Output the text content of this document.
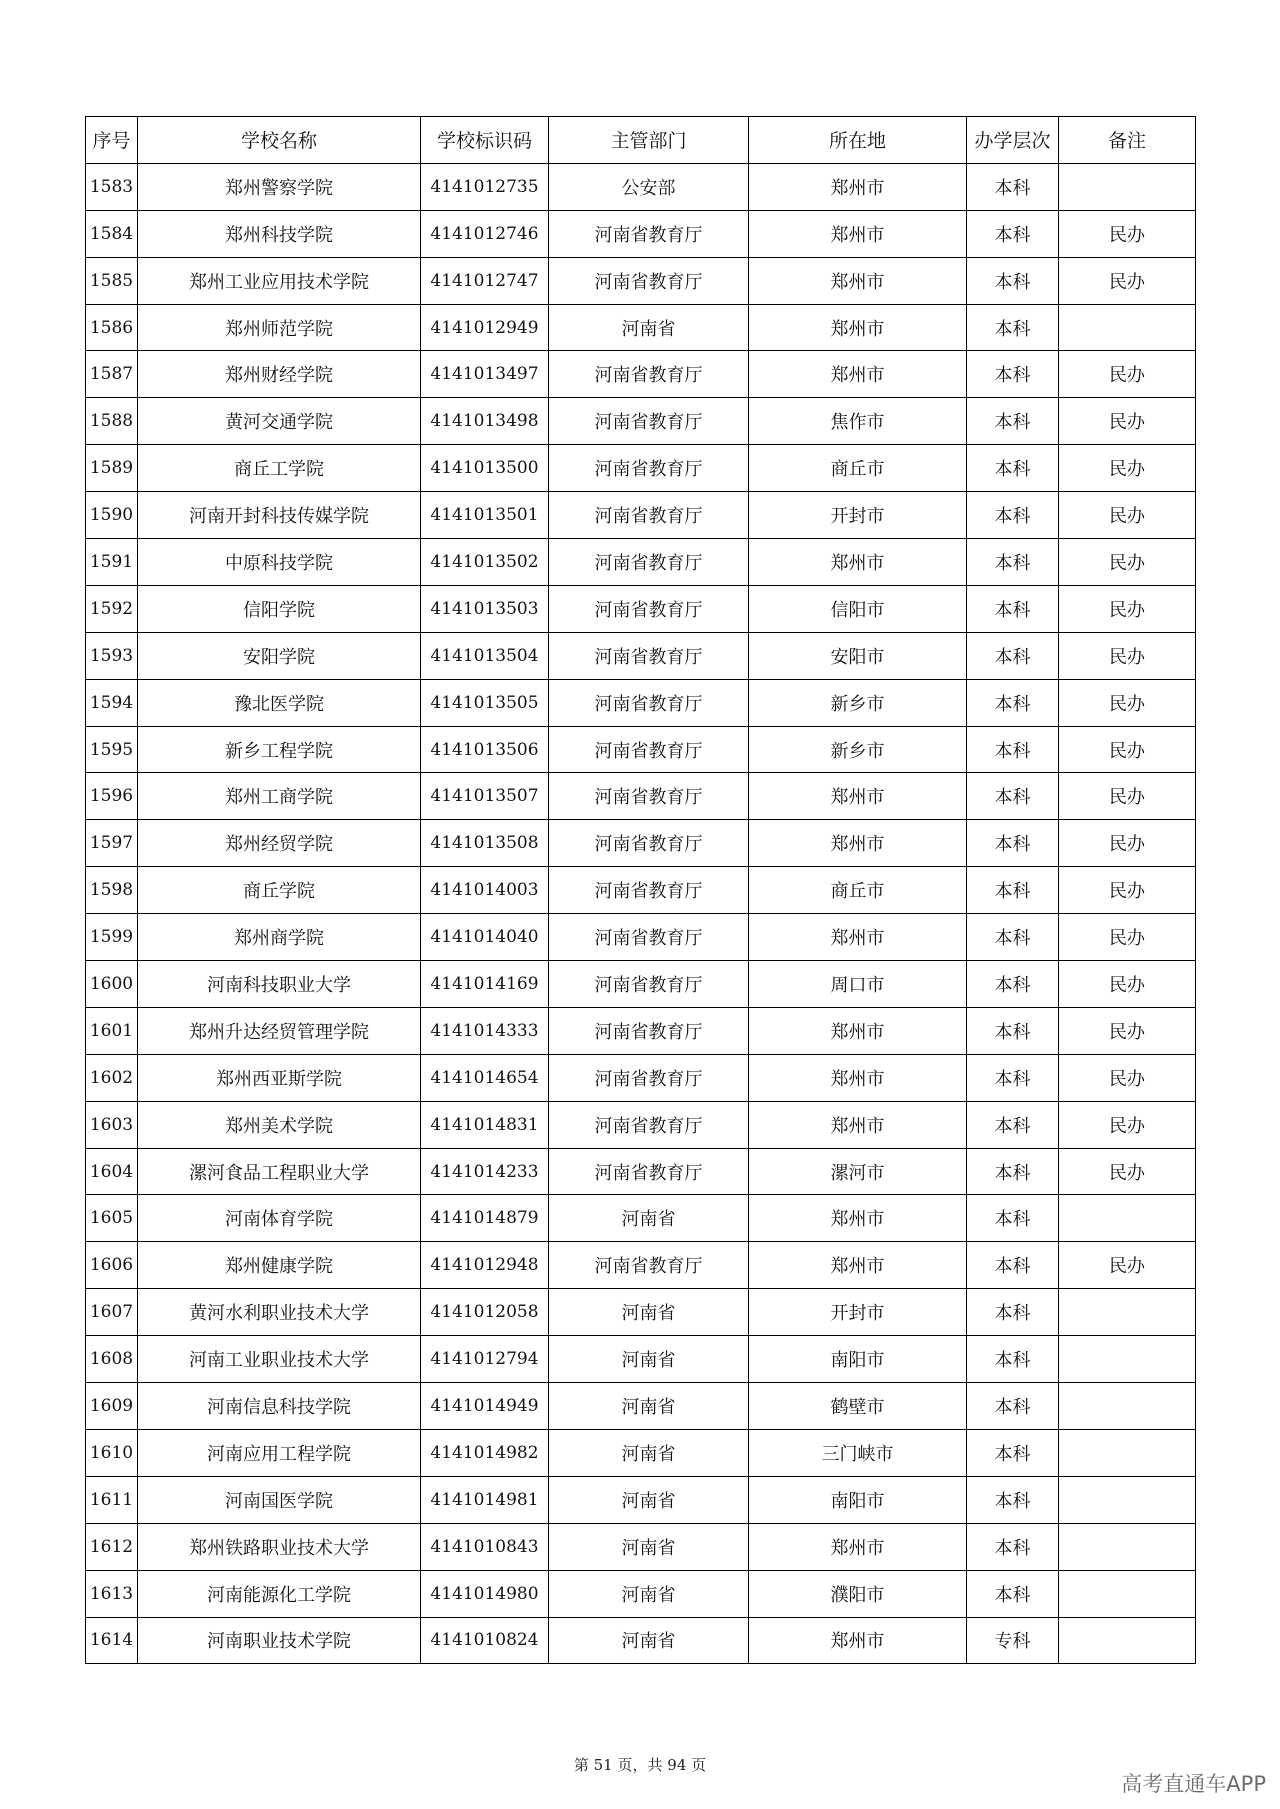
序号	学校名称	学校标识码	主管部门	所在地	办学层次	备注
1583	郑州警察学院	4141012735	公安部	郑州市	本科	
1584	郑州科技学院	4141012746	河南省教育厅	郑州市	本科	民办
1585	郑州工业应用技术学院	4141012747	河南省教育厅	郑州市	本科	民办
1586	郑州师范学院	4141012949	河南省	郑州市	本科	
1587	郑州财经学院	4141013497	河南省教育厅	郑州市	本科	民办
1588	黄河交通学院	4141013498	河南省教育厅	焦作市	本科	民办
1589	商丘工学院	4141013500	河南省教育厅	商丘市	本科	民办
1590	河南开封科技传媒学院	4141013501	河南省教育厅	开封市	本科	民办
1591	中原科技学院	4141013502	河南省教育厅	郑州市	本科	民办
1592	信阳学院	4141013503	河南省教育厅	信阳市	本科	民办
1593	安阳学院	4141013504	河南省教育厅	安阳市	本科	民办
1594	豫北医学院	4141013505	河南省教育厅	新乡市	本科	民办
1595	新乡工程学院	4141013506	河南省教育厅	新乡市	本科	民办
1596	郑州工商学院	4141013507	河南省教育厅	郑州市	本科	民办
1597	郑州经贸学院	4141013508	河南省教育厅	郑州市	本科	民办
1598	商丘学院	4141014003	河南省教育厅	商丘市	本科	民办
1599	郑州商学院	4141014040	河南省教育厅	郑州市	本科	民办
1600	河南科技职业大学	4141014169	河南省教育厅	周口市	本科	民办
1601	郑州升达经贸管理学院	4141014333	河南省教育厅	郑州市	本科	民办
1602	郑州西亚斯学院	4141014654	河南省教育厅	郑州市	本科	民办
1603	郑州美术学院	4141014831	河南省教育厅	郑州市	本科	民办
1604	漯河食品工程职业大学	4141014233	河南省教育厅	漯河市	本科	民办
1605	河南体育学院	4141014879	河南省	郑州市	本科	
1606	郑州健康学院	4141012948	河南省教育厅	郑州市	本科	民办
1607	黄河水利职业技术大学	4141012058	河南省	开封市	本科	
1608	河南工业职业技术大学	4141012794	河南省	南阳市	本科	
1609	河南信息科技学院	4141014949	河南省	鹤壁市	本科	
1610	河南应用工程学院	4141014982	河南省	三门峡市	本科	
1611	河南国医学院	4141014981	河南省	南阳市	本科	
1612	郑州铁路职业技术大学	4141010843	河南省	郑州市	本科	
1613	河南能源化工学院	4141014980	河南省	濮阳市	本科	
1614	河南职业技术学院	4141010824	河南省	郑州市	专科	
第 51 页，共 94 页
高考直通车APP
